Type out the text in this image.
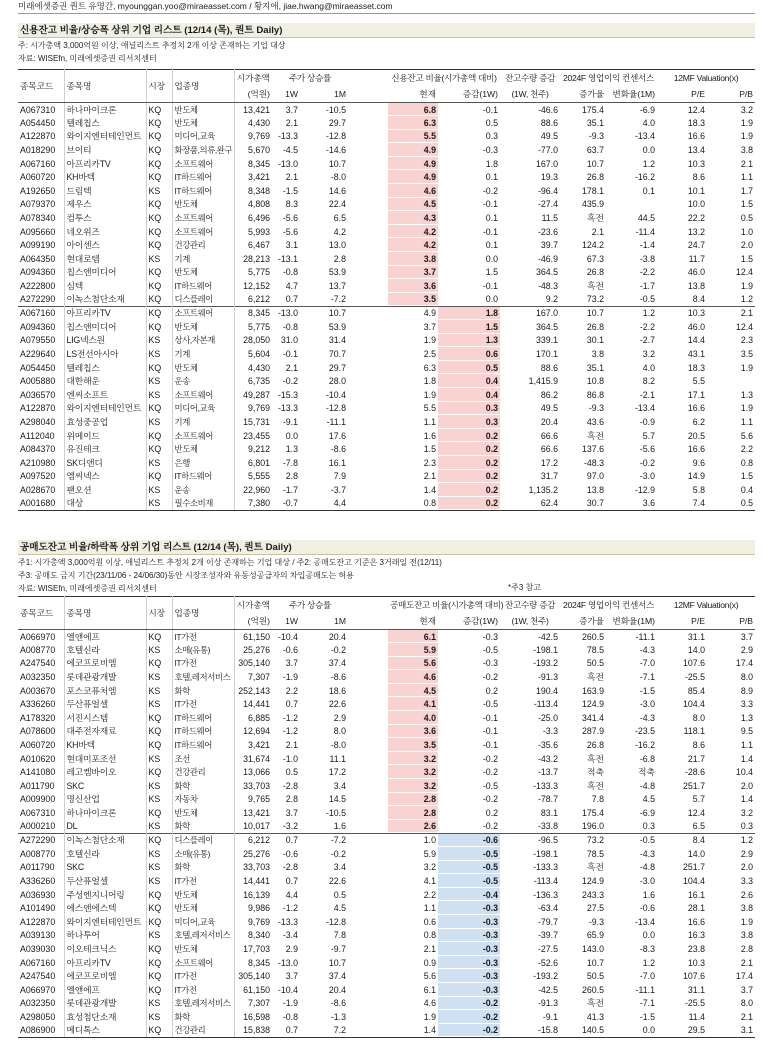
미래에셋증권 퀀트 유명간, myounggan.yoo@miraeasset.com / 황지애, jiae.hwang@miraeasset.com
신용잔고 비율/상승폭 상위 기업 리스트 (12/14 (목), 퀀트 Daily)
주: 시가총액 3,000억원 이상, 애널리스트 추정치 2개 이상 존재하는 기업 대상
자료: WISEfn, 미래에셋증권 리서치센터
종목코드	종목명	시장	업종명	시가총액	주가 상승률			신용잔고 비율(시가총액 대비)		잔고수량 증감	2024F 영업이익 컨센서스		12MF Valuation(x)	
				(억원)	1W	1M		현재	증감(1W)	(1W, 천주)	증가율	변화율(1M)	P/E	P/B
A067310	하나마이크론	KQ	반도체	13,421	3.7	-10.5		6.8	-0.1	-46.6	175.4	-6.9	12.4	3.2
A054450	텔레칩스	KQ	반도체	4,430	2.1	29.7		6.3	0.5	88.6	35.1	4.0	18.3	1.9
A122870	와이지엔터테인먼트	KQ	미디어,교육	9,769	-13.3	-12.8		5.5	0.3	49.5	-9.3	-13.4	16.6	1.9
A018290	브이티	KQ	화장품,의류,완구	5,670	-4.5	-14.6		4.9	-0.3	-77.0	63.7	0.0	13.4	3.8
A067160	아프리카TV	KQ	소프트웨어	8,345	-13.0	10.7		4.9	1.8	167.0	10.7	1.2	10.3	2.1
A060720	KH바텍	KQ	IT하드웨어	3,421	2.1	-8.0		4.9	0.1	19.3	26.8	-16.2	8.6	1.1
A192650	드림텍	KS	IT하드웨어	8,348	-1.5	14.6		4.6	-0.2	-96.4	178.1	0.1	10.1	1.7
A079370	제우스	KQ	반도체	4,808	8.3	22.4		4.5	-0.1	-27.4	435.9		10.0	1.5
A078340	컴투스	KQ	소프트웨어	6,496	-5.6	6.5		4.3	0.1	11.5	흑전	44.5	22.2	0.5
A095660	네오위즈	KQ	소프트웨어	5,993	-5.6	4.2		4.2	-0.1	-23.6	2.1	-11.4	13.2	1.0
A099190	아이센스	KQ	건강관리	6,467	3.1	13.0		4.2	0.1	39.7	124.2	-1.4	24.7	2.0
A064350	현대로템	KS	기계	28,213	-13.1	2.8		3.8	0.0	-46.9	67.3	-3.8	11.7	1.5
A094360	칩스앤미디어	KQ	반도체	5,775	-0.8	53.9		3.7	1.5	364.5	26.8	-2.2	46.0	12.4
A222800	심텍	KQ	IT하드웨어	12,152	4.7	13.7		3.6	-0.1	-48.3	흑전	-1.7	13.8	1.9
A272290	이녹스첨단소재	KQ	디스플레이	6,212	0.7	-7.2		3.5	0.0	9.2	73.2	-0.5	8.4	1.2
A067160	아프리카TV	KQ	소프트웨어	8,345	-13.0	10.7		4.9	1.8	167.0	10.7	1.2	10.3	2.1
A094360	칩스앤미디어	KQ	반도체	5,775	-0.8	53.9		3.7	1.5	364.5	26.8	-2.2	46.0	12.4
A079550	LIG넥스원	KS	상사,자본재	28,050	31.0	31.4		1.9	1.3	339.1	30.1	-2.7	14.4	2.3
A229640	LS전선아시아	KS	기계	5,604	-0.1	70.7		2.5	0.6	170.1	3.8	3.2	43.1	3.5
A054450	텔레칩스	KQ	반도체	4,430	2.1	29.7		6.3	0.5	88.6	35.1	4.0	18.3	1.9
A005880	대한해운	KS	운송	6,735	-0.2	28.0		1.8	0.4	1,415.9	10.8	8.2	5.5	
A036570	엔씨소프트	KS	소프트웨어	49,287	-15.3	-10.4		1.9	0.4	86.2	86.8	-2.1	17.1	1.3
A122870	와이지엔터테인먼트	KQ	미디어,교육	9,769	-13.3	-12.8		5.5	0.3	49.5	-9.3	-13.4	16.6	1.9
A298040	효성중공업	KS	기계	15,731	-9.1	-11.1		1.1	0.3	20.4	43.6	-0.9	6.2	1.1
A112040	위메이드	KQ	소프트웨어	23,455	0.0	17.6		1.6	0.2	66.6	흑전	5.7	20.5	5.6
A084370	유진테크	KQ	반도체	9,212	1.3	-8.6		1.5	0.2	66.6	137.6	-5.6	16.6	2.2
A210980	SK디앤디	KS	은행	6,801	-7.8	16.1		2.3	0.2	17.2	-48.3	-0.2	9.6	0.8
A097520	엠씨넥스	KQ	IT하드웨어	5,555	2.8	7.9		2.1	0.2	31.7	97.0	-3.0	14.9	1.5
A028670	팬오션	KS	운송	22,960	-1.7	-3.7		1.4	0.2	1,135.2	13.8	-12.9	5.8	0.4
A001680	대상	KS	필수소비재	7,380	-0.7	4.4		0.8	0.2	62.4	30.7	3.6	7.4	0.5
공매도잔고 비율/하락폭 상위 기업 리스트 (12/14 (목), 퀀트 Daily)
주1: 시가총액 3,000억원 이상, 애널리스트 추정치 2개 이상 존재하는 기업 대상 / 주2: 공매도잔고 기준은 3거래일 전(12/11)
주3: 공매도 금지 기간(23/11/06 - 24/06/30)동안 시장조성자와 유동성공급자의 차입공매도는 허용
자료: WISEfn, 미래에셋증권 리서치센터	*주3 참고
종목코드	종목명	시장	업종명	시가총액	주가 상승률			공매도잔고 비율(시가총액 대비)		잔고수량 증감	2024F 영업이익 컨센서스		12MF Valuation(x)	
				(억원)	1W	1M		현재	증감(1W)	(1W, 천주)	증가율	변화율(1M)	P/E	P/B
A066970	엘앤에프	KQ	IT가전	61,150	-10.4	20.4		6.1	-0.3	-42.5	260.5	-11.1	31.1	3.7
A008770	호텔신라	KS	소매(유통)	25,276	-0.6	-0.2		5.9	-0.5	-198.1	78.5	-4.3	14.0	2.9
A247540	에코프로비엠	KQ	IT가전	305,140	3.7	37.4		5.6	-0.3	-193.2	50.5	-7.0	107.6	17.4
A032350	롯데관광개발	KS	호텔,레저서비스	7,307	-1.9	-8.6		4.6	-0.2	-91.3	흑전	-7.1	-25.5	8.0
A003670	포스코퓨처엠	KS	화학	252,143	2.2	18.6		4.5	0.2	190.4	163.9	-1.5	85.4	8.9
A336260	두산퓨얼셀	KS	IT가전	14,441	0.7	22.6		4.1	-0.5	-113.4	124.9	-3.0	104.4	3.3
A178320	서진시스템	KQ	IT하드웨어	6,885	-1.2	2.9		4.0	-0.1	-25.0	341.4	-4.3	8.0	1.3
A078600	대주전자재료	KQ	IT하드웨어	12,694	-1.2	8.0		3.6	-0.1	-3.3	287.9	-23.5	118.1	9.5
A060720	KH바텍	KQ	IT하드웨어	3,421	2.1	-8.0		3.5	-0.1	-35.6	26.8	-16.2	8.6	1.1
A010620	현대미포조선	KS	조선	31,674	-1.0	11.1		3.2	-0.2	-43.2	흑전	-6.8	21.7	1.4
A141080	레고켐바이오	KQ	건강관리	13,066	0.5	17.2		3.2	-0.2	-13.7	적축	적축	-28.6	10.4
A011790	SKC	KS	화학	33,703	-2.8	3.4		3.2	-0.5	-133.3	흑전	-4.8	251.7	2.0
A009900	명신산업	KS	자동차	9,765	2.8	14.5		2.8	-0.2	-78.7	7.8	4.5	5.7	1.4
A067310	하나마이크론	KQ	반도체	13,421	3.7	-10.5		2.8	0.2	83.1	175.4	-6.9	12.4	3.2
A000210	DL	KS	화학	10,017	-3.2	1.6		2.6	-0.2	-33.8	196.0	0.3	6.5	0.3
A272290	이녹스첨단소재	KQ	디스플레이	6,212	0.7	-7.2		1.0	-0.6	-96.5	73.2	-0.5	8.4	1.2
A008770	호텔신라	KS	소매(유통)	25,276	-0.6	-0.2		5.9	-0.5	-198.1	78.5	-4.3	14.0	2.9
A011790	SKC	KS	화학	33,703	-2.8	3.4		3.2	-0.5	-133.3	흑전	-4.8	251.7	2.0
A336260	두산퓨얼셀	KS	IT가전	14,441	0.7	22.6		4.1	-0.5	-113.4	124.9	-3.0	104.4	3.3
A036930	주성엔지니어링	KQ	반도체	16,139	4.4	0.5		2.2	-0.4	-136.3	243.3	1.6	16.1	2.6
A101490	에스앤에스텍	KQ	반도체	9,986	-1.2	4.5		1.1	-0.3	-63.4	27.5	-0.6	28.1	3.8
A122870	와이지엔터테인먼트	KQ	미디어,교육	9,769	-13.3	-12.8		0.6	-0.3	-79.7	-9.3	-13.4	16.6	1.9
A039130	하나투어	KS	호텔,레저서비스	8,340	-3.4	7.8		0.8	-0.3	-39.7	65.9	0.0	16.3	3.8
A039030	이오테크닉스	KQ	반도체	17,703	2.9	-9.7		2.1	-0.3	-27.5	143.0	-8.3	23.8	2.8
A067160	아프리카TV	KQ	소프트웨어	8,345	-13.0	10.7		0.9	-0.3	-52.6	10.7	1.2	10.3	2.1
A247540	에코프로비엠	KQ	IT가전	305,140	3.7	37.4		5.6	-0.3	-193.2	50.5	-7.0	107.6	17.4
A066970	엘앤에프	KQ	IT가전	61,150	-10.4	20.4		6.1	-0.3	-42.5	260.5	-11.1	31.1	3.7
A032350	롯데관광개발	KS	호텔,레저서비스	7,307	-1.9	-8.6		4.6	-0.2	-91.3	흑전	-7.1	-25.5	8.0
A298050	효성첨단소재	KS	화학	16,598	-0.8	-1.3		1.9	-0.2	-9.1	41.3	-1.5	11.4	2.1
A086900	메디톡스	KQ	건강관리	15,838	0.7	7.2		1.4	-0.2	-15.8	140.5	0.0	29.5	3.1
